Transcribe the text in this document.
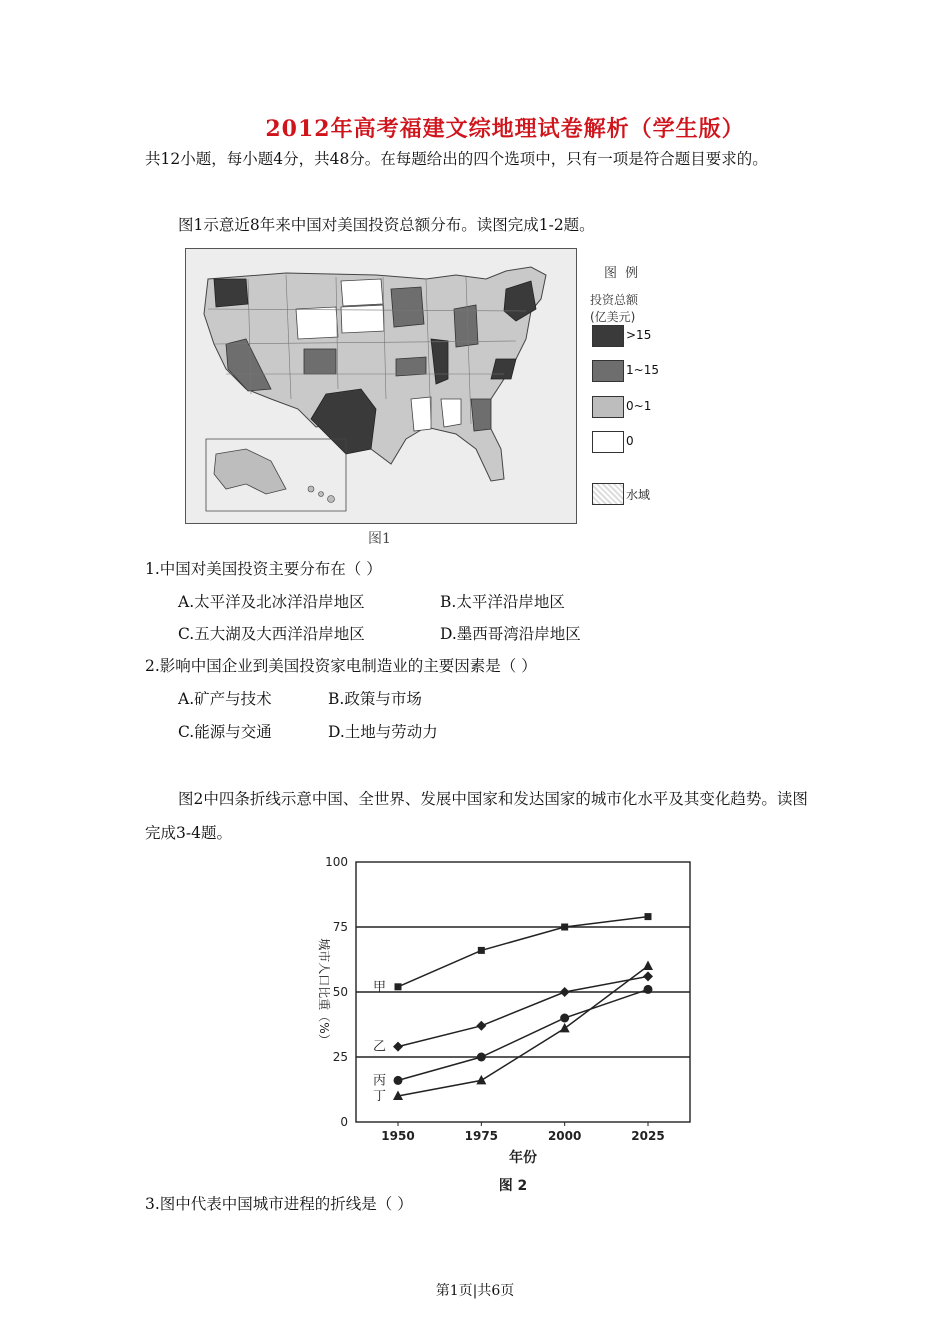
2012年高考福建文综地理试卷解析（学生版）
共12小题，每小题4分，共48分。在每题给出的四个选项中，只有一项是符合题目要求的。
图1示意近8年来中国对美国投资总额分布。读图完成1-2题。
图 例
投资总额
(亿美元)
>15
1~15
0~1
0
水域
图1
1.中国对美国投资主要分布在（ ）
A.太平洋及北冰洋沿岸地区	B.太平洋沿岸地区
C.五大湖及大西洋沿岸地区	D.墨西哥湾沿岸地区
2.影响中国企业到美国投资家电制造业的主要因素是（ ）
A.矿产与技术	B.政策与市场
C.能源与交通	D.土地与劳动力
图2中四条折线示意中国、全世界、发展中国家和发达国家的城市化水平及其变化趋势。读图完成3-4题。
0
25
50
75
100
1950	1975	2000	2025
年份
城市人口比重（%）
图 2
甲
乙
丙
丁
3.图中代表中国城市进程的折线是（ ）
第1页|共6页
